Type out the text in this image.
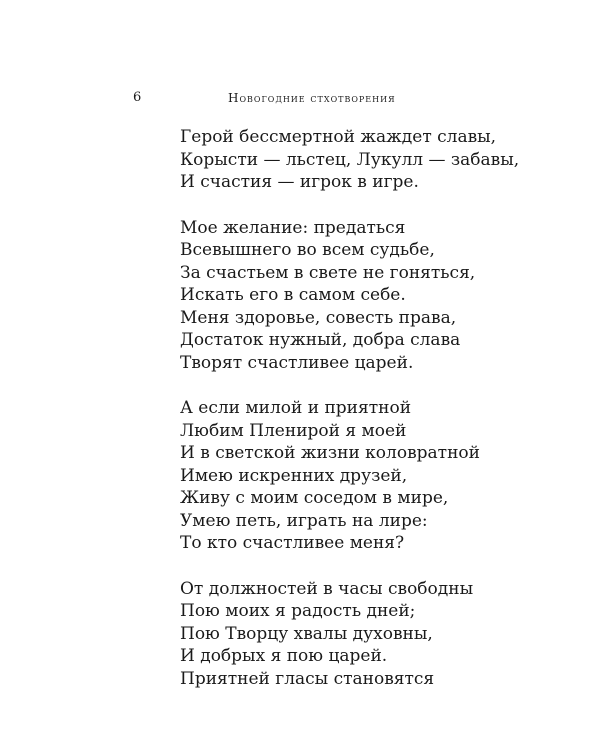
6	новогодние стхотворения
Герой бессмертной жаждет славы,
Корысти — льстец, Лукулл — забавы,
И счастия — игрок в игре.
Мое желание: предаться
Всевышнего во всем судьбе,
За счастьем в свете не гоняться,
Искать его в самом себе.
Меня здоровье, совесть права,
Достаток нужный, добра слава
Творят счастливее царей.
А если милой и приятной
Любим Пленирой я моей
И в светской жизни коловратной
Имею искренних друзей,
Живу с моим соседом в мире,
Умею петь, играть на лире:
То кто счастливее меня?
От должностей в часы свободны
Пою моих я радость дней;
Пою Творцу хвалы духовны,
И добрых я пою царей.
Приятней гласы становятся
